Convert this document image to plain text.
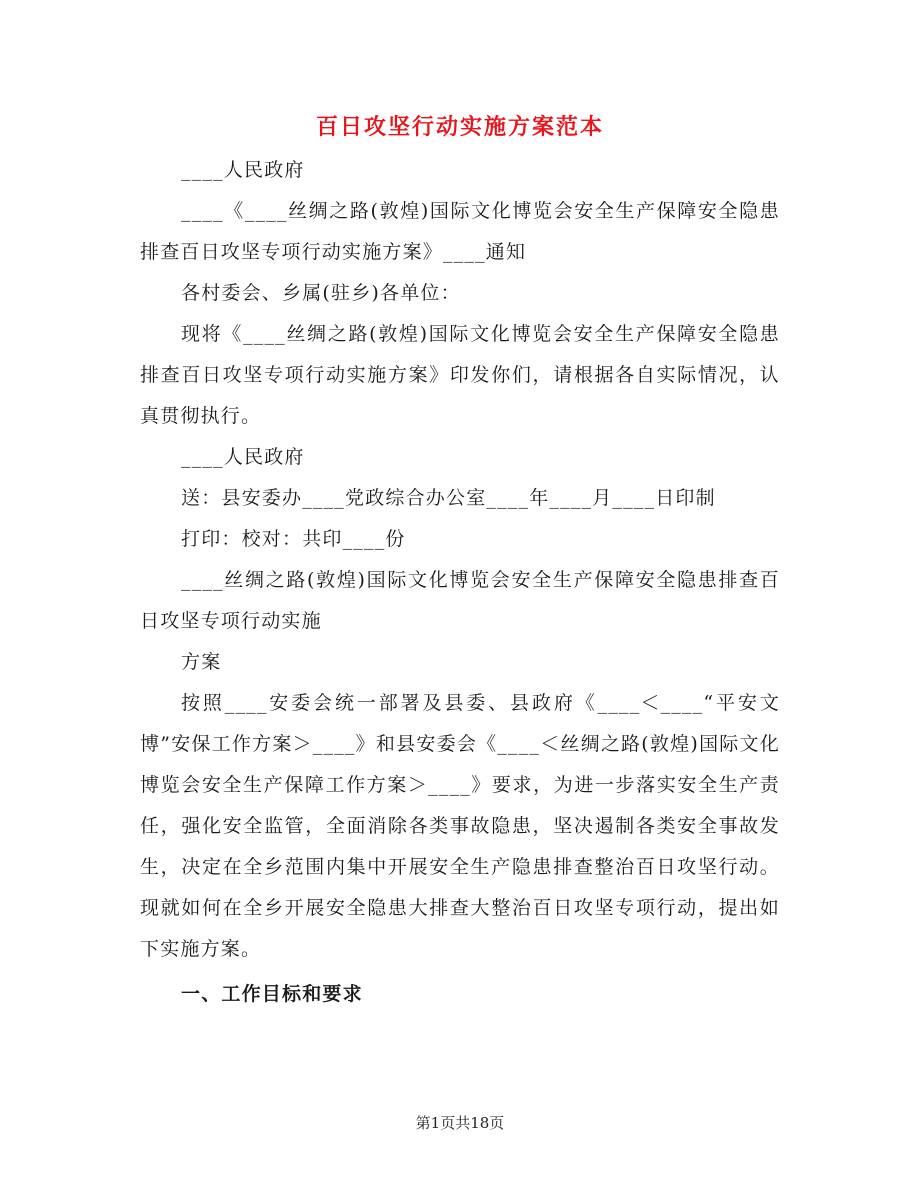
百日攻坚行动实施方案范本

____人民政府

____《____丝绸之路(敦煌)国际文化博览会安全生产保障安全隐患排查百日攻坚专项行动实施方案》____通知

各村委会、乡属(驻乡)各单位：

现将《____丝绸之路(敦煌)国际文化博览会安全生产保障安全隐患排查百日攻坚专项行动实施方案》印发你们，请根据各自实际情况，认真贯彻执行。

____人民政府

送：县安委办____党政综合办公室____年____月____日印制

打印：校对：共印____份

____丝绸之路(敦煌)国际文化博览会安全生产保障安全隐患排查百日攻坚专项行动实施

方案

按照____安委会统一部署及县委、县政府《____＜____“平安文博”安保工作方案＞____》和县安委会《____＜丝绸之路(敦煌)国际文化博览会安全生产保障工作方案＞____》要求，为进一步落实安全生产责任，强化安全监管，全面消除各类事故隐患，坚决遏制各类安全事故发生，决定在全乡范围内集中开展安全生产隐患排查整治百日攻坚行动。现就如何在全乡开展安全隐患大排查大整治百日攻坚专项行动，提出如下实施方案。

一、工作目标和要求

第1页共18页
